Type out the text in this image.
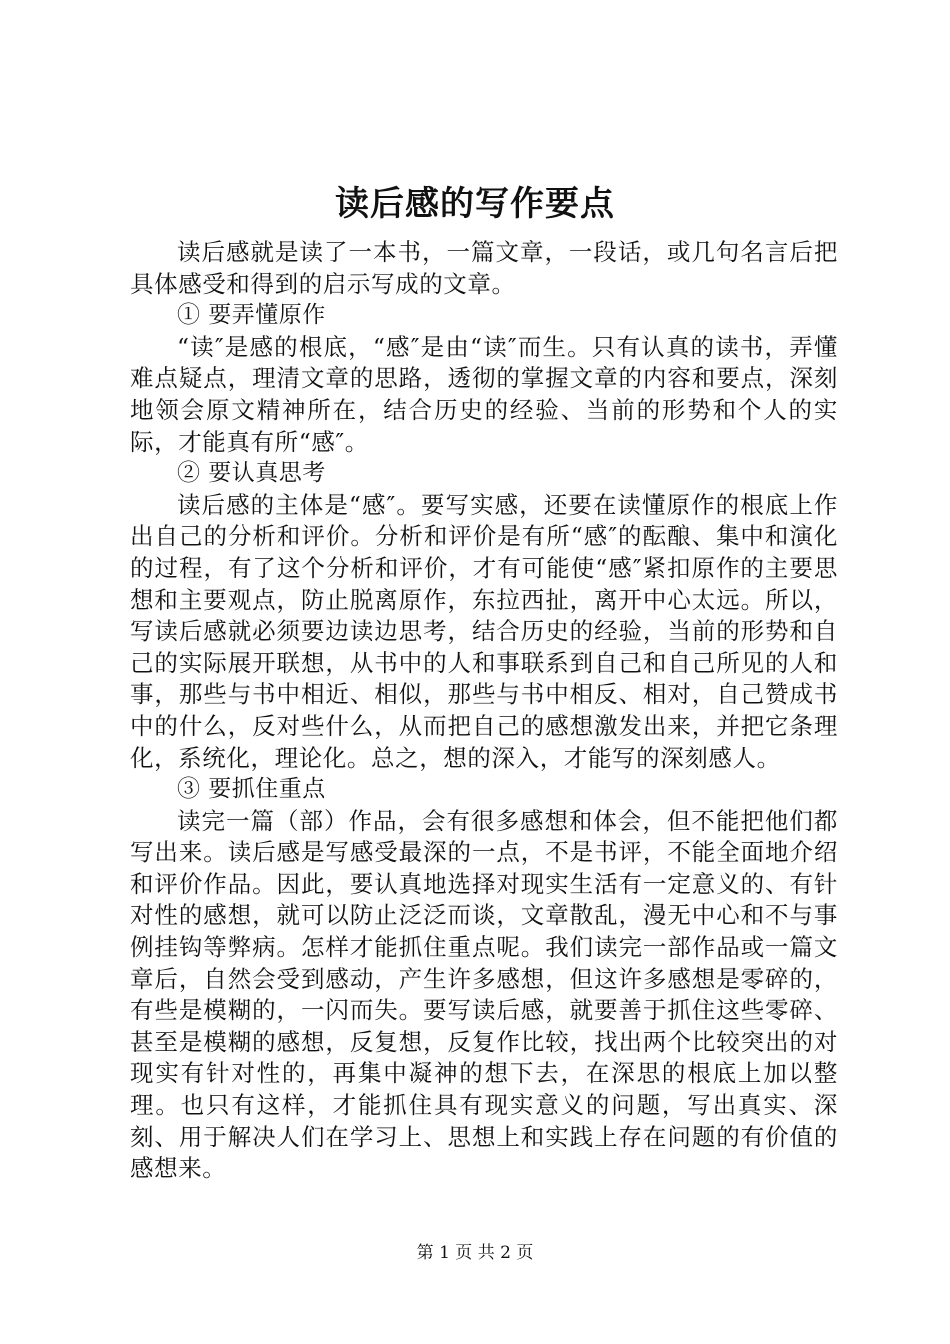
读后感的写作要点

读后感就是读了一本书，一篇文章，一段话，或几句名言后把具体感受和得到的启示写成的文章。

① 要弄懂原作

“读″是感的根底，“感″是由“读″而生。只有认真的读书，弄懂难点疑点，理清文章的思路，透彻的掌握文章的内容和要点，深刻地领会原文精神所在，结合历史的经验、当前的形势和个人的实际，才能真有所“感″。

② 要认真思考

读后感的主体是“感″。要写实感，还要在读懂原作的根底上作出自己的分析和评价。分析和评价是有所“感″的酝酿、集中和演化的过程，有了这个分析和评价，才有可能使“感″紧扣原作的主要思想和主要观点，防止脱离原作，东拉西扯，离开中心太远。所以，写读后感就必须要边读边思考，结合历史的经验，当前的形势和自己的实际展开联想，从书中的人和事联系到自己和自己所见的人和事，那些与书中相近、相似，那些与书中相反、相对，自己赞成书中的什么，反对些什么，从而把自己的感想激发出来，并把它条理化，系统化，理论化。总之，想的深入，才能写的深刻感人。

③ 要抓住重点

读完一篇（部）作品，会有很多感想和体会，但不能把他们都写出来。读后感是写感受最深的一点，不是书评，不能全面地介绍和评价作品。因此，要认真地选择对现实生活有一定意义的、有针对性的感想，就可以防止泛泛而谈，文章散乱，漫无中心和不与事例挂钩等弊病。怎样才能抓住重点呢。我们读完一部作品或一篇文章后，自然会受到感动，产生许多感想，但这许多感想是零碎的，有些是模糊的，一闪而失。要写读后感，就要善于抓住这些零碎、甚至是模糊的感想，反复想，反复作比较，找出两个比较突出的对现实有针对性的，再集中凝神的想下去，在深思的根底上加以整理。也只有这样，才能抓住具有现实意义的问题，写出真实、深刻、用于解决人们在学习上、思想上和实践上存在问题的有价值的感想来。

第 1 页 共 2 页
